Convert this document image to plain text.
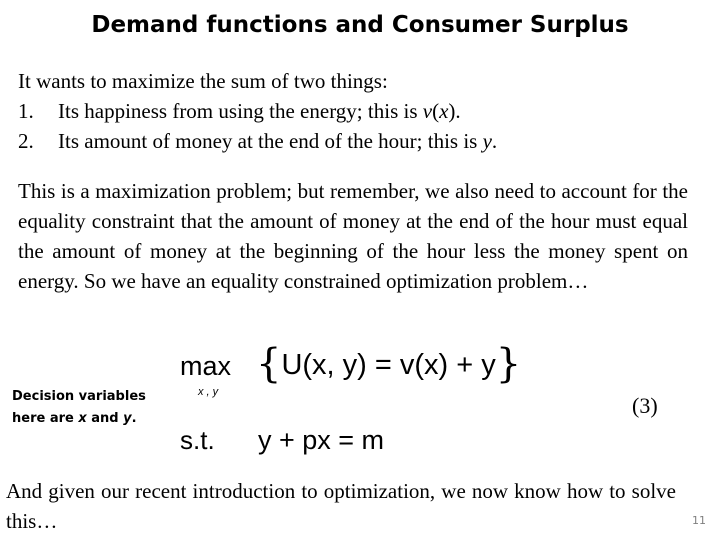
Demand functions and Consumer Surplus
It wants to maximize the sum of two things:
1.	Its happiness from using the energy; this is v(x).
2.	Its amount of money at the end of the hour; this is y.
This is a maximization problem; but remember, we also need to account for the equality constraint that the amount of money at the end of the hour must equal the amount of money at the beginning of the hour less the money spent on energy. So we have an equality constrained optimization problem…
Decision variables here are x and y.
max
x , y
{U(x, y) = v(x) + y}
s.t. y + px = m
(3)
And given our recent introduction to optimization, we now know how to solve this…	11
